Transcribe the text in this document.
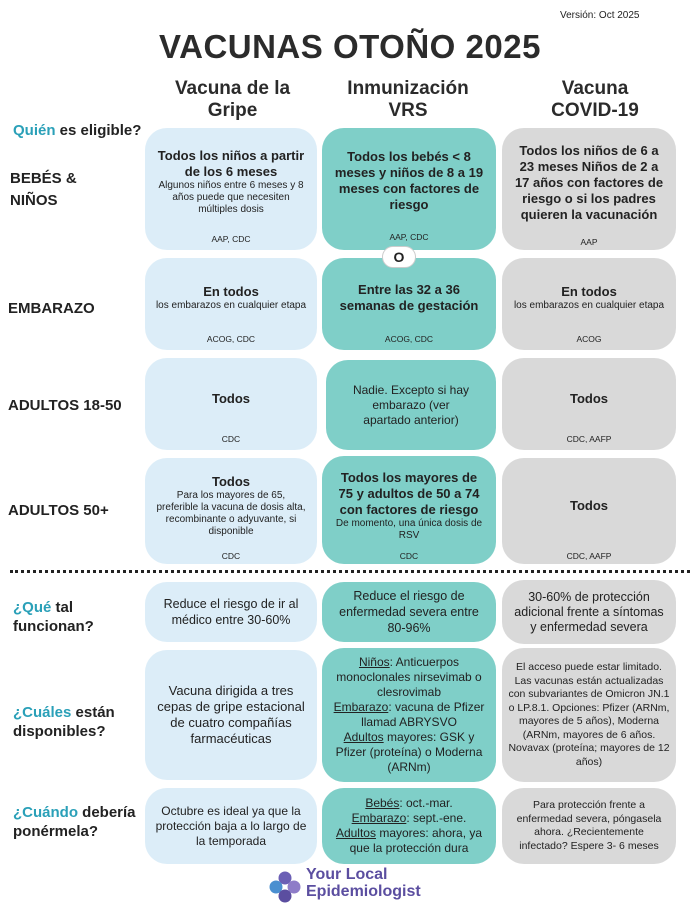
Versión: Oct 2025
VACUNAS OTOÑO 2025
Vacuna de la Gripe
Inmunización VRS
Vacuna COVID-19
Quién es eligible?
BEBÉS &
NIÑOS
EMBARAZO
ADULTOS 18-50
ADULTOS 50+
Todos los niños a partir de los 6 meses
Algunos niños entre 6 meses y 8 años puede que necesiten múltiples dosis
AAP, CDC
Todos los bebés < 8 meses y niños de 8 a 19 meses con factores de riesgo
AAP, CDC
Todos los niños de 6 a 23 meses Niños de 2 a 17 años con factores de riesgo o si los padres quieren la vacunación
AAP
En todos
los embarazos en cualquier etapa
ACOG, CDC
Entre las 32 a 36 semanas de gestación
ACOG, CDC
En todos
los embarazos en cualquier etapa
ACOG
O
Todos
CDC
Nadie. Excepto si hay embarazo (ver apartado anterior)
Todos
CDC, AAFP
Todos
Para los mayores de 65, preferible la vacuna de dosis alta, recombinante o adyuvante, si disponible
CDC
Todos los mayores de 75 y adultos de 50 a 74 con factores de riesgo
De momento, una única dosis de RSV
CDC
Todos
CDC, AAFP
¿Qué tal funcionan?
Reduce el riesgo de ir al médico entre 30-60%
Reduce el riesgo de enfermedad severa entre 80-96%
30-60% de protección adicional frente a síntomas y enfermedad severa
¿Cuáles están disponibles?
Vacuna dirigida a tres cepas de gripe estacional de cuatro compañías farmacéuticas
Niños: Anticuerpos monoclonales nirsevimab o clesrovimab
Embarazo: vacuna de Pfizer llamad ABRYSVO
Adultos mayores: GSK y Pfizer (proteína) o Moderna (ARNm)
El acceso puede estar limitado. Las vacunas están actualizadas con subvariantes de Omicron JN.1 o LP.8.1. Opciones: Pfizer (ARNm, mayores de 5 años), Moderna (ARNm, mayores de 6 años. Novavax (proteína; mayores de 12 años)
¿Cuándo debería ponérmela?
Octubre es ideal ya que la protección baja a lo largo de la temporada
Bebés: oct.-mar.
Embarazo: sept.-ene.
Adultos mayores: ahora, ya que la protección dura
Para protección frente a enfermedad severa, póngasela ahora. ¿Recientemente infectado? Espere 3- 6 meses
Your Local
Epidemiologist
